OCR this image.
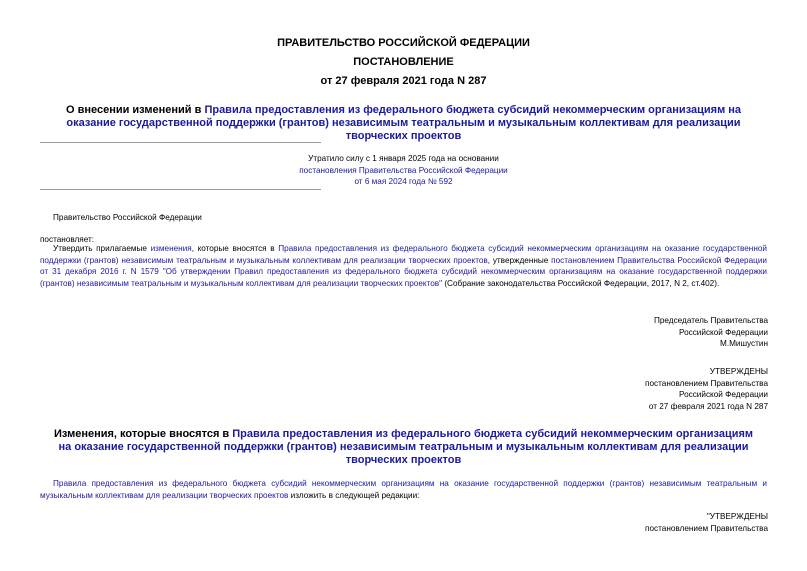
ПРАВИТЕЛЬСТВО РОССИЙСКОЙ ФЕДЕРАЦИИ
ПОСТАНОВЛЕНИЕ
от 27 февраля 2021 года N 287
О внесении изменений в Правила предоставления из федерального бюджета субсидий некоммерческим организациям на оказание государственной поддержки (грантов) независимым театральным и музыкальным коллективам для реализации творческих проектов
Утратило силу с 1 января 2025 года на основании
постановления Правительства Российской Федерации
от 6 мая 2024 года № 592
Правительство Российской Федерации
постановляет:
Утвердить прилагаемые изменения, которые вносятся в Правила предоставления из федерального бюджета субсидий некоммерческим организациям на оказание государственной поддержки (грантов) независимым театральным и музыкальным коллективам для реализации творческих проектов, утвержденные постановлением Правительства Российской Федерации от 31 декабря 2016 г. N 1579 "Об утверждении Правил предоставления из федерального бюджета субсидий некоммерческим организациям на оказание государственной поддержки (грантов) независимым театральным и музыкальным коллективам для реализации творческих проектов" (Собрание законодательства Российской Федерации, 2017, N 2, ст.402).
Председатель Правительства
Российской Федерации
М.Мишустин
УТВЕРЖДЕНЫ
постановлением Правительства
Российской Федерации
от 27 февраля 2021 года N 287
Изменения, которые вносятся в Правила предоставления из федерального бюджета субсидий некоммерческим организациям на оказание государственной поддержки (грантов) независимым театральным и музыкальным коллективам для реализации творческих проектов
Правила предоставления из федерального бюджета субсидий некоммерческим организациям на оказание государственной поддержки (грантов) независимым театральным и музыкальным коллективам для реализации творческих проектов изложить в следующей редакции:
"УТВЕРЖДЕНЫ
постановлением Правительства
